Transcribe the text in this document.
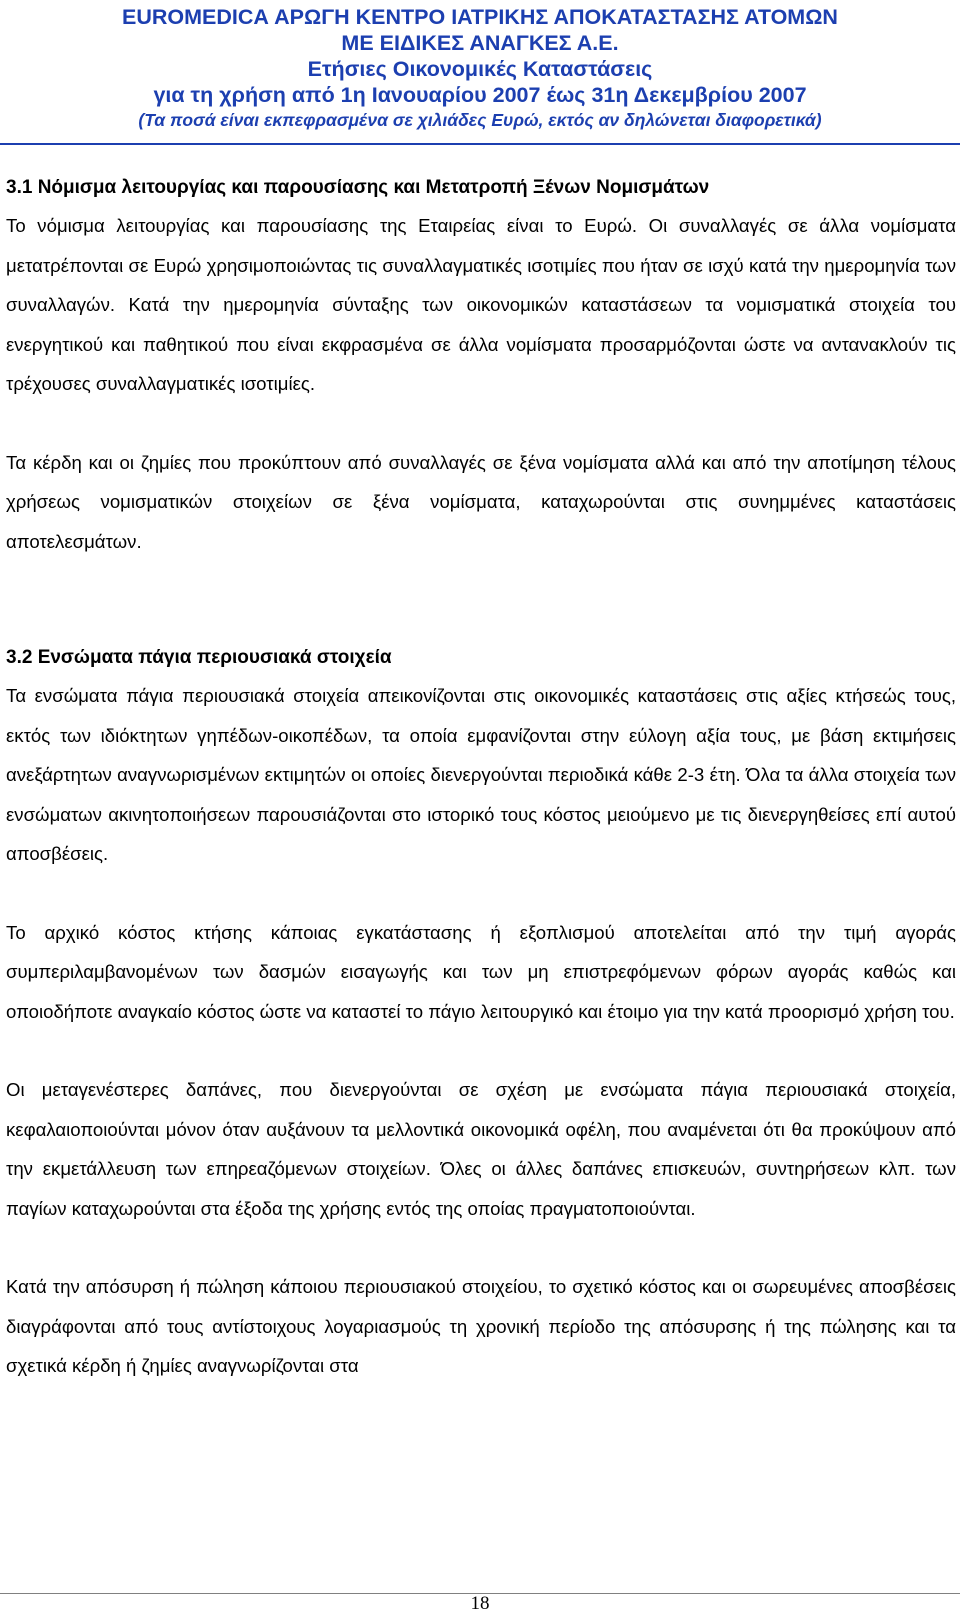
EUROMEDICA ΑΡΩΓΗ ΚΕΝΤΡΟ ΙΑΤΡΙΚΗΣ ΑΠΟΚΑΤΑΣΤΑΣΗΣ ΑΤΟΜΩΝ
ΜΕ ΕΙΔΙΚΕΣ ΑΝΑΓΚΕΣ Α.Ε.
Ετήσιες Οικονομικές Καταστάσεις
για τη χρήση από 1η Ιανουαρίου 2007 έως 31η Δεκεμβρίου 2007
(Τα ποσά είναι εκπεφρασμένα σε χιλιάδες Ευρώ, εκτός αν δηλώνεται διαφορετικά)

3.1 Νόμισμα λειτουργίας και παρουσίασης και Μετατροπή Ξένων Νομισμάτων

Το νόμισμα λειτουργίας και παρουσίασης της Εταιρείας είναι το Ευρώ. Οι συναλλαγές σε άλλα νομίσματα μετατρέπονται σε Ευρώ χρησιμοποιώντας τις συναλλαγματικές ισοτιμίες που ήταν σε ισχύ κατά την ημερομηνία των συναλλαγών. Κατά την ημερομηνία σύνταξης των οικονομικών καταστάσεων τα νομισματικά στοιχεία του ενεργητικού και παθητικού που είναι εκφρασμένα σε άλλα νομίσματα προσαρμόζονται ώστε να αντανακλούν τις τρέχουσες συναλλαγματικές ισοτιμίες.

Τα κέρδη και οι ζημίες που προκύπτουν από συναλλαγές σε ξένα νομίσματα αλλά και από την αποτίμηση τέλους χρήσεως νομισματικών στοιχείων σε ξένα νομίσματα, καταχωρούνται στις συνημμένες καταστάσεις αποτελεσμάτων.

3.2 Ενσώματα πάγια περιουσιακά στοιχεία

Τα ενσώματα πάγια περιουσιακά στοιχεία απεικονίζονται στις οικονομικές καταστάσεις στις αξίες κτήσεώς τους, εκτός των ιδιόκτητων γηπέδων-οικοπέδων, τα οποία εμφανίζονται στην εύλογη αξία τους, με βάση εκτιμήσεις ανεξάρτητων αναγνωρισμένων εκτιμητών οι οποίες διενεργούνται περιοδικά κάθε 2-3 έτη. Όλα τα άλλα στοιχεία των ενσώματων ακινητοποιήσεων παρουσιάζονται στο ιστορικό τους κόστος μειούμενο με τις διενεργηθείσες επί αυτού αποσβέσεις.

Το αρχικό κόστος κτήσης κάποιας εγκατάστασης ή εξοπλισμού αποτελείται από την τιμή αγοράς συμπεριλαμβανομένων των δασμών εισαγωγής και των μη επιστρεφόμενων φόρων αγοράς καθώς και οποιοδήποτε αναγκαίο κόστος ώστε να καταστεί το πάγιο λειτουργικό και έτοιμο για την κατά προορισμό χρήση του.

Οι μεταγενέστερες δαπάνες, που διενεργούνται σε σχέση με ενσώματα πάγια περιουσιακά στοιχεία, κεφαλαιοποιούνται μόνον όταν αυξάνουν τα μελλοντικά οικονομικά οφέλη, που αναμένεται ότι θα προκύψουν από την εκμετάλλευση των επηρεαζόμενων στοιχείων. Όλες οι άλλες δαπάνες επισκευών, συντηρήσεων κλπ. των παγίων καταχωρούνται στα έξοδα της χρήσης εντός της οποίας πραγματοποιούνται.

Κατά την απόσυρση ή πώληση κάποιου περιουσιακού στοιχείου, το σχετικό κόστος και οι σωρευμένες αποσβέσεις διαγράφονται από τους αντίστοιχους λογαριασμούς τη χρονική περίοδο της απόσυρσης ή της πώλησης και τα σχετικά κέρδη ή ζημίες αναγνωρίζονται στα

18
